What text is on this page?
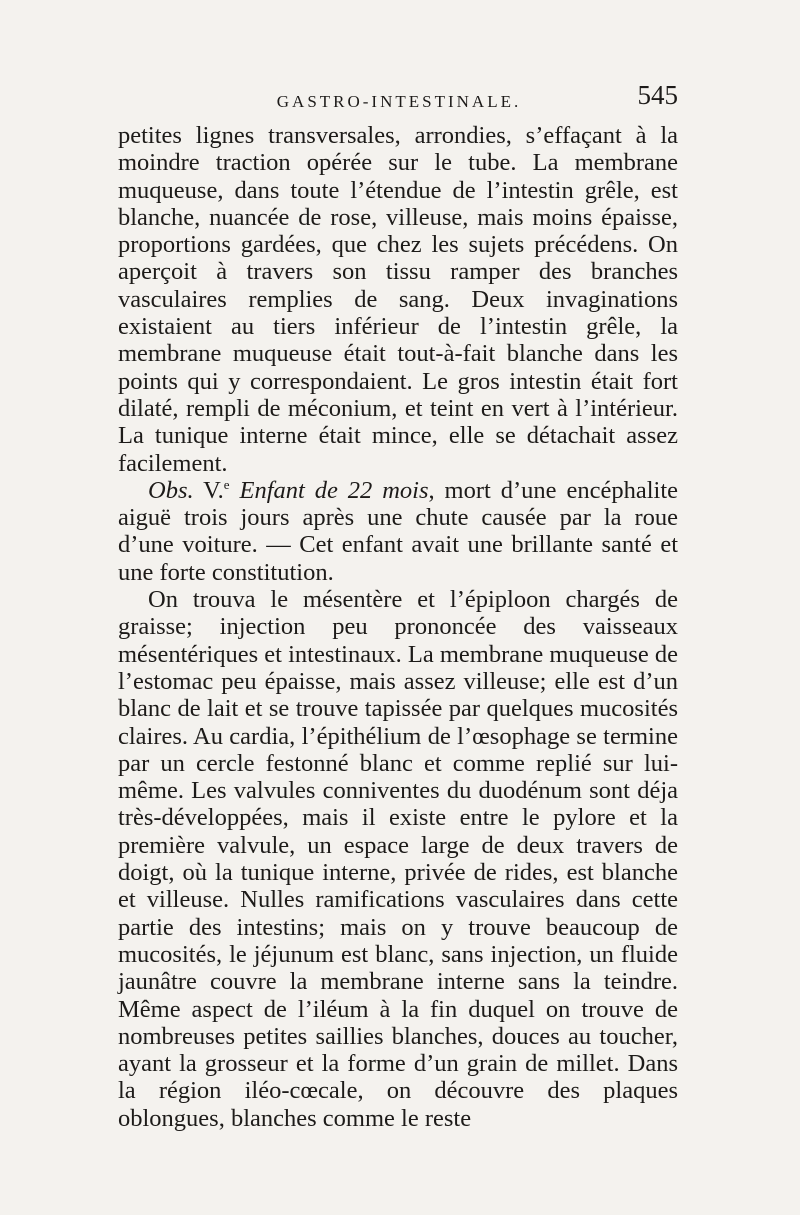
GASTRO-INTESTINALE.	545

petites lignes transversales, arrondies, s’effaçant à la moindre traction opérée sur le tube. La membrane muqueuse, dans toute l’étendue de l’intestin grêle, est blanche, nuancée de rose, villeuse, mais moins épaisse, proportions gardées, que chez les sujets précédens. On aperçoit à travers son tissu ramper des branches vasculaires remplies de sang. Deux invaginations existaient au tiers inférieur de l’intestin grêle, la membrane muqueuse était tout-à-fait blanche dans les points qui y correspondaient. Le gros intestin était fort dilaté, rempli de méconium, et teint en vert à l’intérieur. La tunique interne était mince, elle se détachait assez facilement.

Obs. V.$^e$ Enfant de 22 mois, mort d’une encéphalite aiguë trois jours après une chute causée par la roue d’une voiture. — Cet enfant avait une brillante santé et une forte constitution.

On trouva le mésentère et l’épiploon chargés de graisse; injection peu prononcée des vaisseaux mésentériques et intestinaux. La membrane muqueuse de l’estomac peu épaisse, mais assez villeuse; elle est d’un blanc de lait et se trouve tapissée par quelques mucosités claires. Au cardia, l’épithélium de l’œsophage se termine par un cercle festonné blanc et comme replié sur lui-même. Les valvules conniventes du duodénum sont déja très-développées, mais il existe entre le pylore et la première valvule, un espace large de deux travers de doigt, où la tunique interne, privée de rides, est blanche et villeuse. Nulles ramifications vasculaires dans cette partie des intestins; mais on y trouve beaucoup de mucosités, le jéjunum est blanc, sans injection, un fluide jaunâtre couvre la membrane interne sans la teindre. Même aspect de l’iléum à la fin duquel on trouve de nombreuses petites saillies blanches, douces au toucher, ayant la grosseur et la forme d’un grain de millet. Dans la région iléo-cœcale, on découvre des plaques oblongues, blanches comme le reste
